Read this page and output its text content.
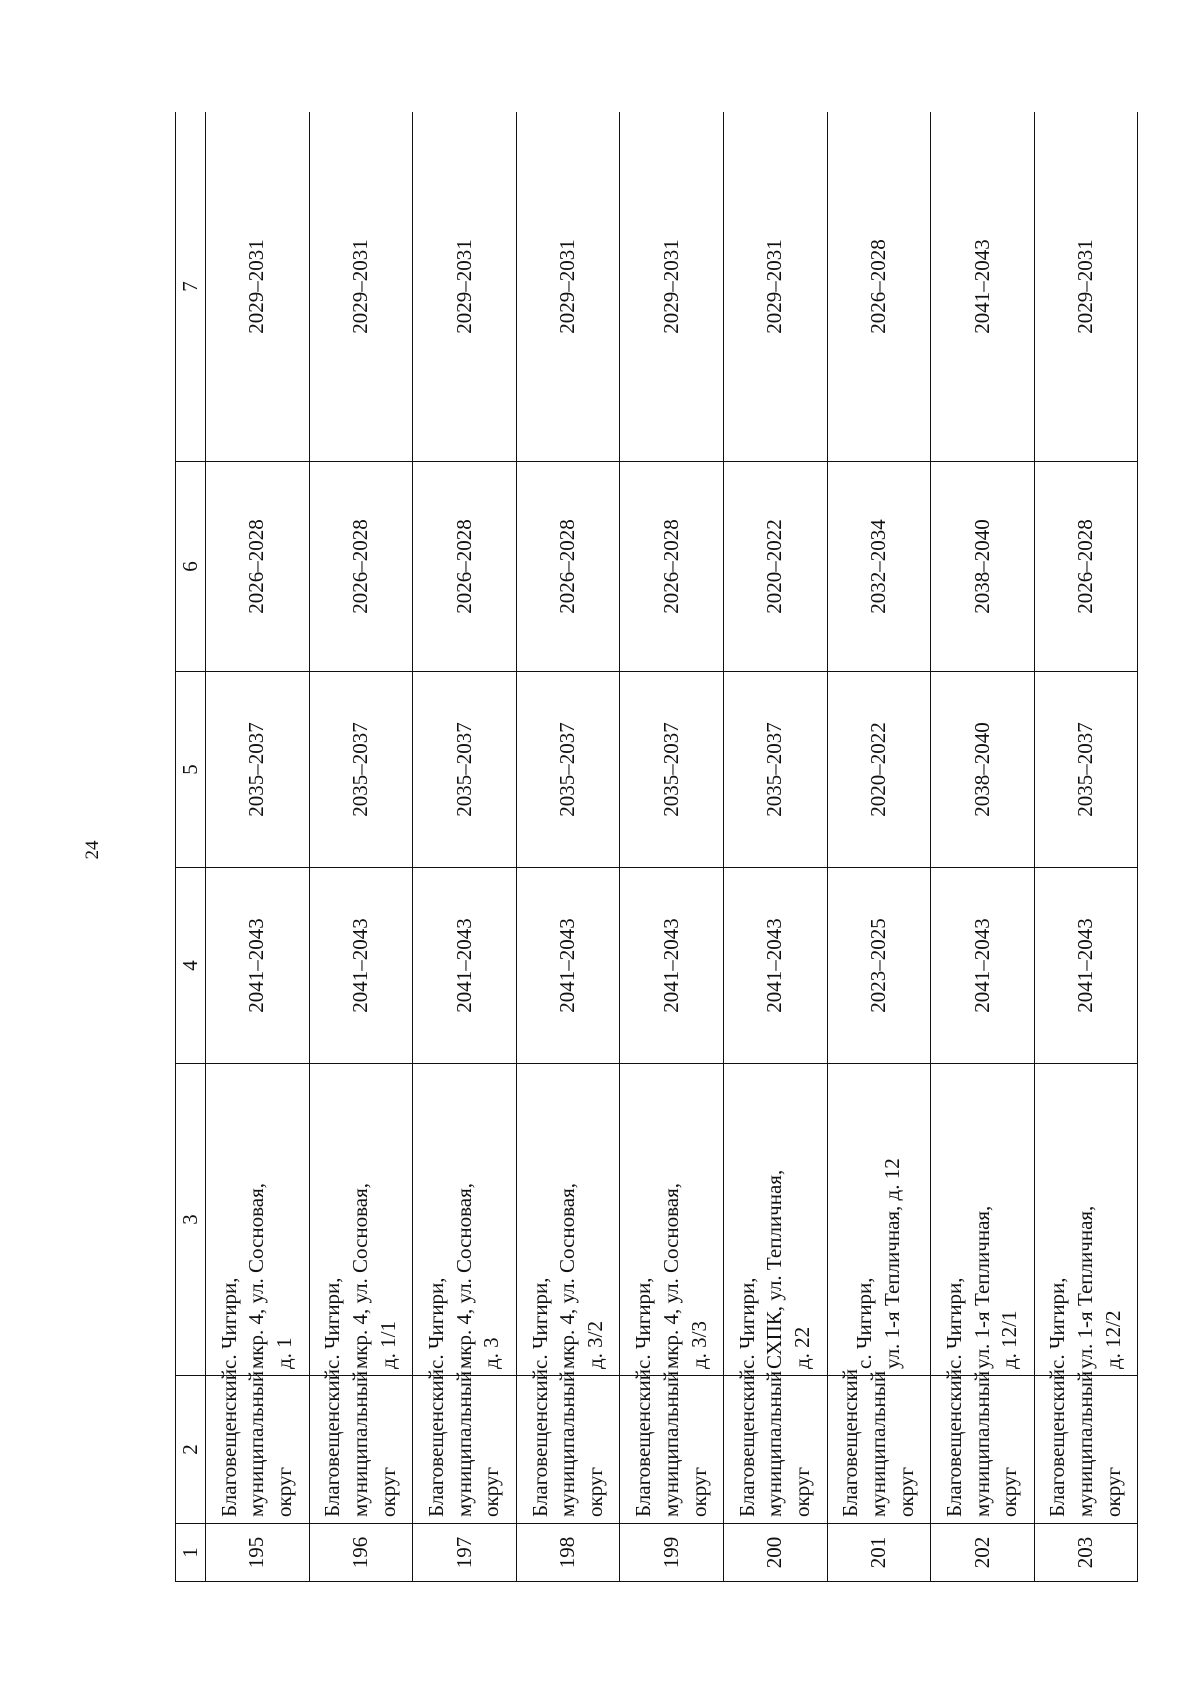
24
1	2	3	4	5	6	7
195	Благовещенский муниципальный округ	с. Чигири, мкр. 4, ул. Сосновая, д. 1	2041–2043	2035–2037	2026–2028	2029–2031
196	Благовещенский муниципальный округ	с. Чигири, мкр. 4, ул. Сосновая, д. 1/1	2041–2043	2035–2037	2026–2028	2029–2031
197	Благовещенский муниципальный округ	с. Чигири, мкр. 4, ул. Сосновая, д. 3	2041–2043	2035–2037	2026–2028	2029–2031
198	Благовещенский муниципальный округ	с. Чигири, мкр. 4, ул. Сосновая, д. 3/2	2041–2043	2035–2037	2026–2028	2029–2031
199	Благовещенский муниципальный округ	с. Чигири, мкр. 4, ул. Сосновая, д. 3/3	2041–2043	2035–2037	2026–2028	2029–2031
200	Благовещенский муниципальный округ	с. Чигири, СХПК, ул. Тепличная, д. 22	2041–2043	2035–2037	2020–2022	2029–2031
201	Благовещенский муниципальный округ	с. Чигири, ул. 1-я Тепличная, д. 12	2023–2025	2020–2022	2032–2034	2026–2028
202	Благовещенский муниципальный округ	с. Чигири, ул. 1-я Тепличная, д. 12/1	2041–2043	2038–2040	2038–2040	2041–2043
203	Благовещенский муниципальный округ	с. Чигири, ул. 1-я Тепличная, д. 12/2	2041–2043	2035–2037	2026–2028	2029–2031
